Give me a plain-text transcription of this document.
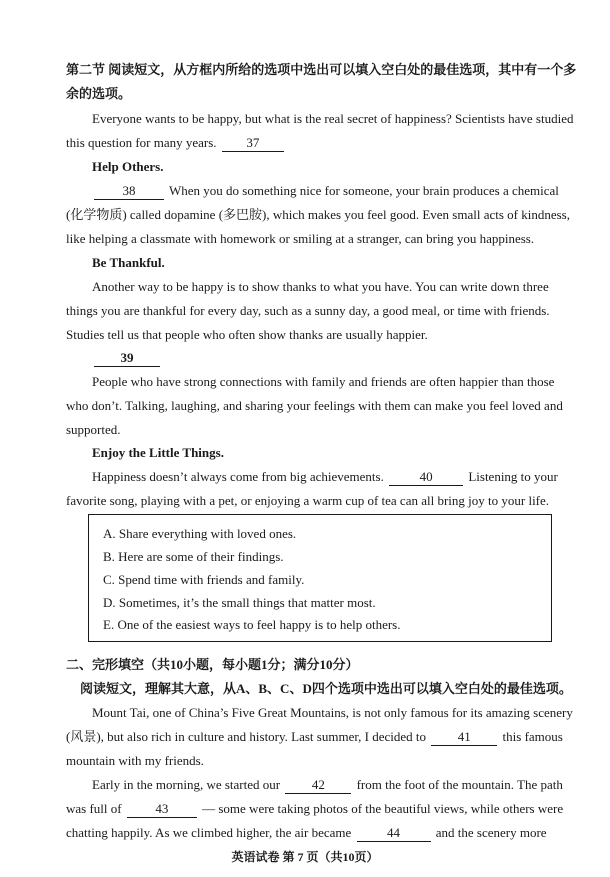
第二节 阅读短文，从方框内所给的选项中选出可以填入空白处的最佳选项，其中有一个多
余的选项。
Everyone wants to be happy, but what is the real secret of happiness? Scientists have studied
this question for many years. 37
Help Others.
38	When you do something nice for someone, your brain produces a chemical
(化学物质) called dopamine (多巴胺), which makes you feel good. Even small acts of kindness,
like helping a classmate with homework or smiling at a stranger, can bring you happiness.
Be Thankful.
Another way to be happy is to show thanks to what you have. You can write down three
things you are thankful for every day, such as a sunny day, a good meal, or time with friends.
Studies tell us that people who often show thanks are usually happier.
39
People who have strong connections with family and friends are often happier than those
who don’t. Talking, laughing, and sharing your feelings with them can make you feel loved and
supported.
Enjoy the Little Things.
Happiness doesn’t always come from big achievements.	40	Listening to your
favorite song, playing with a pet, or enjoying a warm cup of tea can all bring joy to your life.
A. Share everything with loved ones.
B. Here are some of their findings.
C. Spend time with friends and family.
D. Sometimes, it’s the small things that matter most.
E. One of the easiest ways to feel happy is to help others.
二、完形填空（共10小题，每小题1分；满分10分）
阅读短文，理解其大意，从A、B、C、D四个选项中选出可以填入空白处的最佳选项。
Mount Tai, one of China’s Five Great Mountains, is not only famous for its amazing scenery
(风景), but also rich in culture and history. Last summer, I decided to 41 this famous
mountain with my friends.
Early in the morning, we started our 42 from the foot of the mountain. The path
was full of	43	— some were taking photos of the beautiful views, while others were
chatting happily. As we climbed higher, the air became	44	and the scenery more
英语试卷 第 7 页（共10页）
